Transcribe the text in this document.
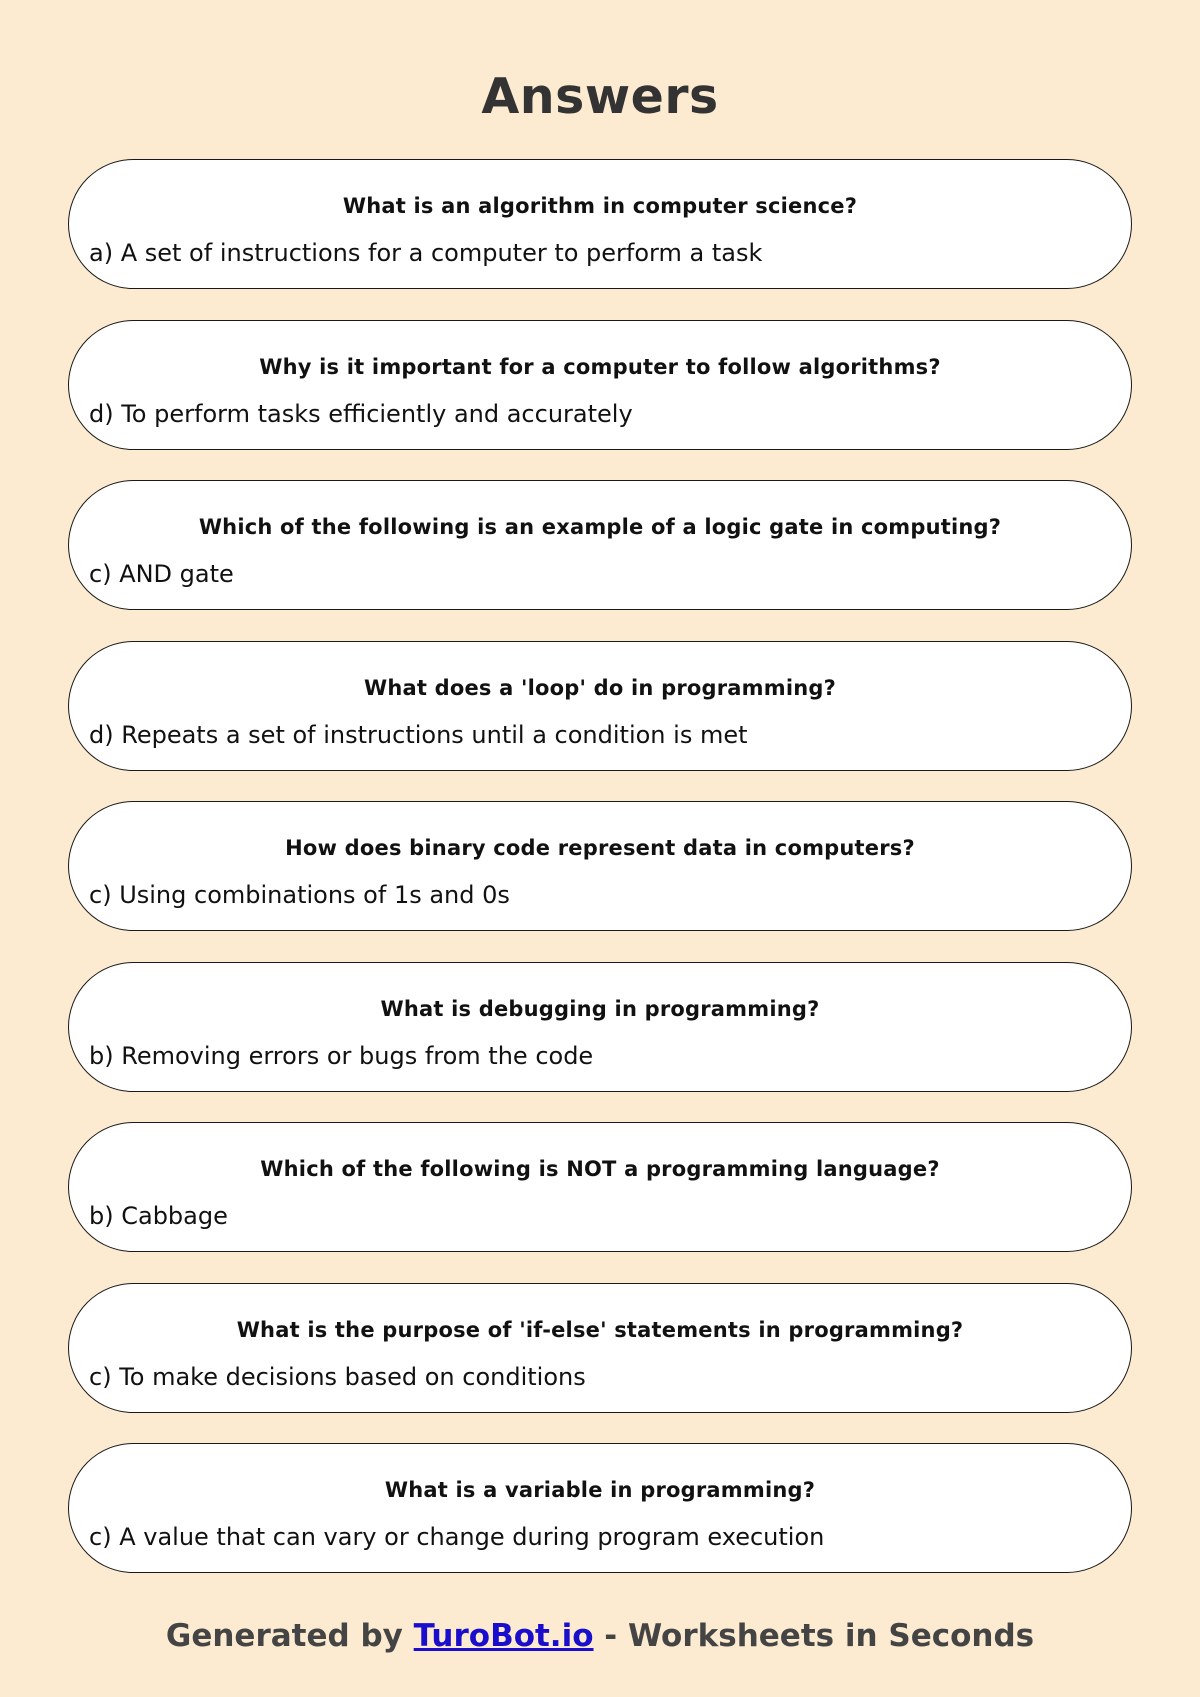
Answers
What is an algorithm in computer science?
a) A set of instructions for a computer to perform a task
Why is it important for a computer to follow algorithms?
d) To perform tasks efficiently and accurately
Which of the following is an example of a logic gate in computing?
c) AND gate
What does a 'loop' do in programming?
d) Repeats a set of instructions until a condition is met
How does binary code represent data in computers?
c) Using combinations of 1s and 0s
What is debugging in programming?
b) Removing errors or bugs from the code
Which of the following is NOT a programming language?
b) Cabbage
What is the purpose of 'if-else' statements in programming?
c) To make decisions based on conditions
What is a variable in programming?
c) A value that can vary or change during program execution
Generated by TuroBot.io - Worksheets in Seconds
